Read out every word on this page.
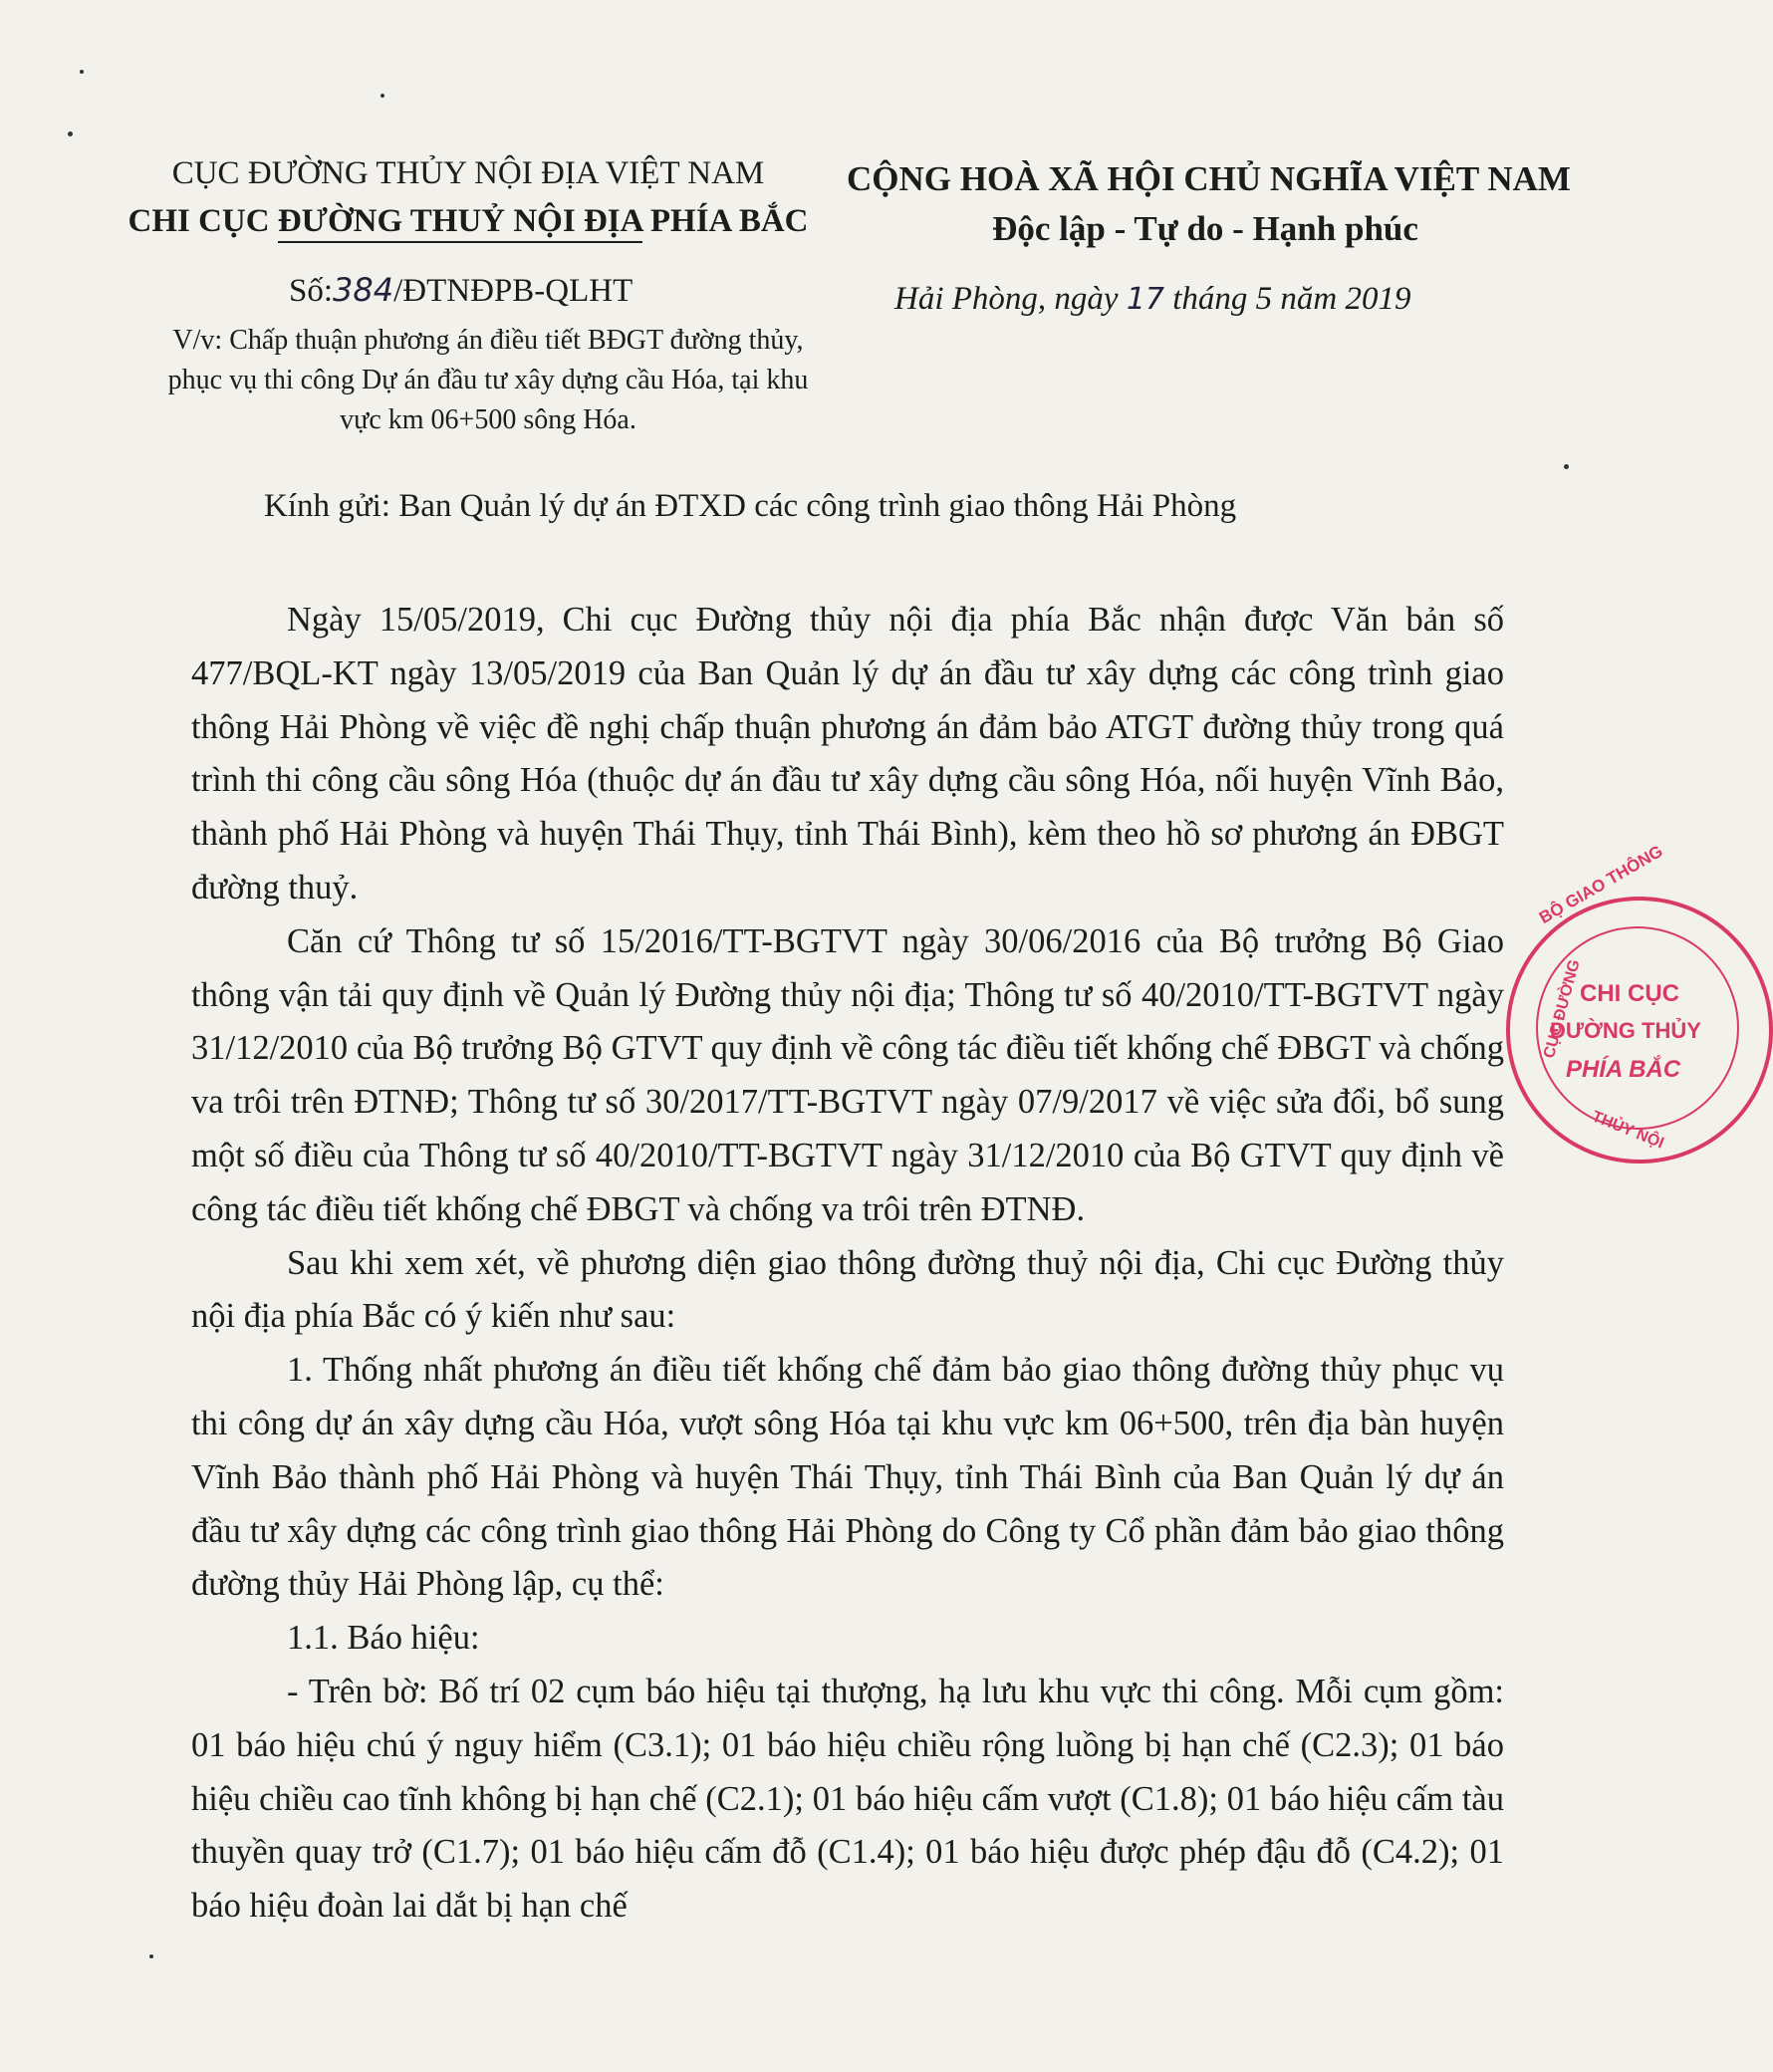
CỤC ĐƯỜNG THỦY NỘI ĐỊA VIỆT NAM
CHI CỤC ĐƯỜNG THUỶ NỘI ĐỊA PHÍA BẮC
CỘNG HOÀ XÃ HỘI CHỦ NGHĨA VIỆT NAM
Độc lập - Tự do - Hạnh phúc
Số:384/ĐTNĐPB-QLHT	Hải Phòng, ngày 17 tháng 5 năm 2019
V/v: Chấp thuận phương án điều tiết BĐGT đường thủy, phục vụ thi công Dự án đầu tư xây dựng cầu Hóa, tại khu vực km 06+500 sông Hóa.
Kính gửi: Ban Quản lý dự án ĐTXD các công trình giao thông Hải Phòng

Ngày 15/05/2019, Chi cục Đường thủy nội địa phía Bắc nhận được Văn bản số 477/BQL-KT ngày 13/05/2019 của Ban Quản lý dự án đầu tư xây dựng các công trình giao thông Hải Phòng về việc đề nghị chấp thuận phương án đảm bảo ATGT đường thủy trong quá trình thi công cầu sông Hóa (thuộc dự án đầu tư xây dựng cầu sông Hóa, nối huyện Vĩnh Bảo, thành phố Hải Phòng và huyện Thái Thụy, tỉnh Thái Bình), kèm theo hồ sơ phương án ĐBGT đường thuỷ.

Căn cứ Thông tư số 15/2016/TT-BGTVT ngày 30/06/2016 của Bộ trưởng Bộ Giao thông vận tải quy định về Quản lý Đường thủy nội địa; Thông tư số 40/2010/TT-BGTVT ngày 31/12/2010 của Bộ trưởng Bộ GTVT quy định về công tác điều tiết khống chế ĐBGT và chống va trôi trên ĐTNĐ; Thông tư số 30/2017/TT-BGTVT ngày 07/9/2017 về việc sửa đổi, bổ sung một số điều của Thông tư số 40/2010/TT-BGTVT ngày 31/12/2010 của Bộ GTVT quy định về công tác điều tiết khống chế ĐBGT và chống va trôi trên ĐTNĐ.

Sau khi xem xét, về phương diện giao thông đường thuỷ nội địa, Chi cục Đường thủy nội địa phía Bắc có ý kiến như sau:

1. Thống nhất phương án điều tiết khống chế đảm bảo giao thông đường thủy phục vụ thi công dự án xây dựng cầu Hóa, vượt sông Hóa tại khu vực km 06+500, trên địa bàn huyện Vĩnh Bảo thành phố Hải Phòng và huyện Thái Thụy, tỉnh Thái Bình của Ban Quản lý dự án đầu tư xây dựng các công trình giao thông Hải Phòng do Công ty Cổ phần đảm bảo giao thông đường thủy Hải Phòng lập, cụ thể:

1.1. Báo hiệu:

- Trên bờ: Bố trí 02 cụm báo hiệu tại thượng, hạ lưu khu vực thi công. Mỗi cụm gồm: 01 báo hiệu chú ý nguy hiểm (C3.1); 01 báo hiệu chiều rộng luồng bị hạn chế (C2.3); 01 báo hiệu chiều cao tĩnh không bị hạn chế (C2.1); 01 báo hiệu cấm vượt (C1.8); 01 báo hiệu cấm tàu thuyền quay trở (C1.7); 01 báo hiệu cấm đỗ (C1.4); 01 báo hiệu được phép đậu đỗ (C4.2); 01 báo hiệu đoàn lai dắt bị hạn chế

BỘ GIAO THÔNG
CỤC ĐƯỜNG
CHI CỤC
ĐƯỜNG THỦY
PHÍA BẮC
THỦY NỘI
